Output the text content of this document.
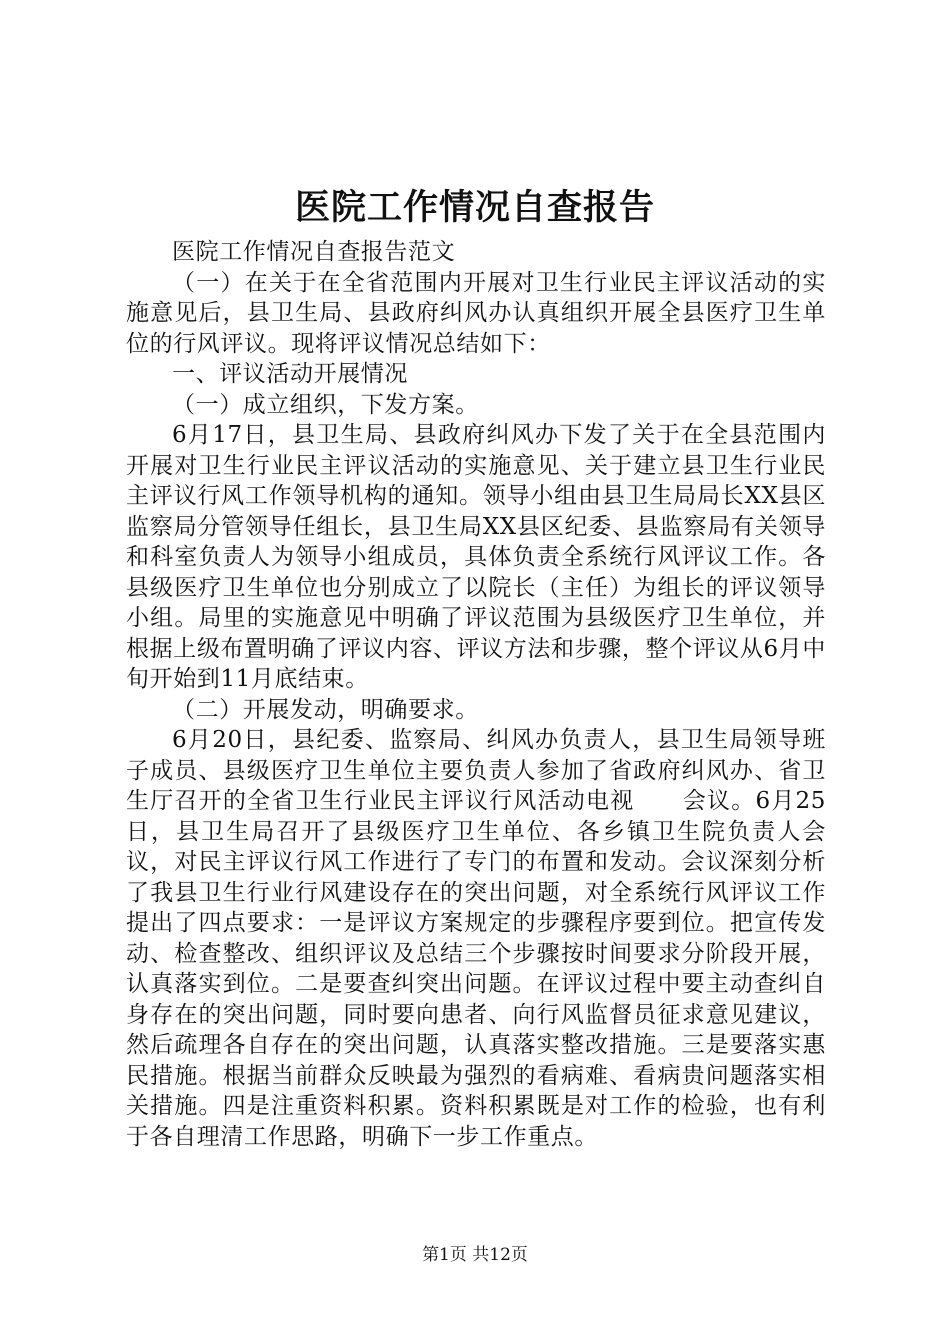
医院工作情况自查报告

医院工作情况自查报告范文

（一）在关于在全省范围内开展对卫生行业民主评议活动的实施意见后，县卫生局、县政府纠风办认真组织开展全县医疗卫生单位的行风评议。现将评议情况总结如下：

一、评议活动开展情况

（一）成立组织，下发方案。

6月17日，县卫生局、县政府纠风办下发了关于在全县范围内开展对卫生行业民主评议活动的实施意见、关于建立县卫生行业民主评议行风工作领导机构的通知。领导小组由县卫生局局长XX县区监察局分管领导任组长，县卫生局XX县区纪委、县监察局有关领导和科室负责人为领导小组成员，具体负责全系统行风评议工作。各县级医疗卫生单位也分别成立了以院长（主任）为组长的评议领导小组。局里的实施意见中明确了评议范围为县级医疗卫生单位，并根据上级布置明确了评议内容、评议方法和步骤，整个评议从6月中旬开始到11月底结束。

（二）开展发动，明确要求。

6月20日，县纪委、监察局、纠风办负责人，县卫生局领导班子成员、县级医疗卫生单位主要负责人参加了省政府纠风办、省卫生厅召开的全省卫生行业民主评议行风活动电视　　会议。6月25日，县卫生局召开了县级医疗卫生单位、各乡镇卫生院负责人会议，对民主评议行风工作进行了专门的布置和发动。会议深刻分析了我县卫生行业行风建设存在的突出问题，对全系统行风评议工作提出了四点要求：一是评议方案规定的步骤程序要到位。把宣传发动、检查整改、组织评议及总结三个步骤按时间要求分阶段开展，认真落实到位。二是要查纠突出问题。在评议过程中要主动查纠自身存在的突出问题，同时要向患者、向行风监督员征求意见建议，然后疏理各自存在的突出问题，认真落实整改措施。三是要落实惠民措施。根据当前群众反映最为强烈的看病难、看病贵问题落实相关措施。四是注重资料积累。资料积累既是对工作的检验，也有利于各自理清工作思路，明确下一步工作重点。

第1页 共12页
